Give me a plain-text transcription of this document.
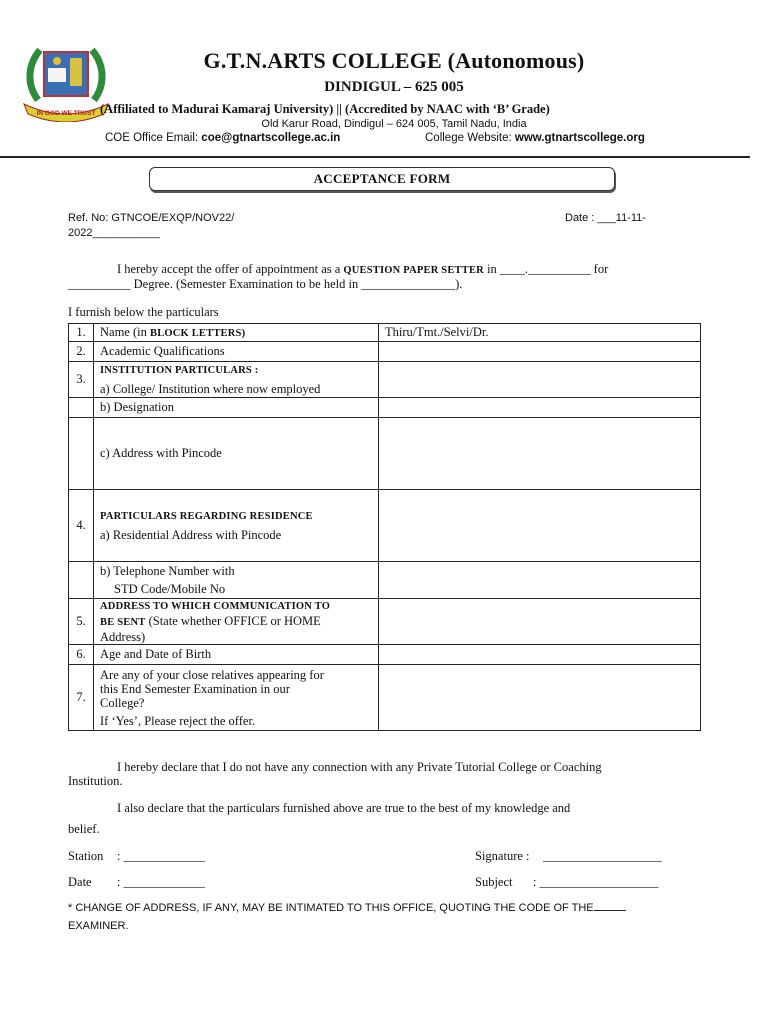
IN GOD WE TRUST
G.T.N.ARTS COLLEGE (Autonomous)
DINDIGUL – 625 005
(Affiliated to Madurai Kamaraj University) || (Accredited by NAAC with ‘B’ Grade)
Old Karur Road, Dindigul – 624 005, Tamil Nadu, India
COE Office Email: coe@gtnartscollege.ac.in	College Website: www.gtnartscollege.org
ACCEPTANCE FORM
Ref. No: GTNCOE/EXQP/NOV22/
2022___________
Date : ___11-11-
I hereby accept the offer of appointment as a QUESTION PAPER SETTER in ____.__________ for
__________ Degree. (Semester Examination to be held in _______________).
I furnish below the particulars
1.	Name (in BLOCK LETTERS)	Thiru/Tmt./Selvi/Dr.
2.	Academic Qualifications	
3.	INSTITUTION PARTICULARS :
a) College/ Institution where now employed	

	b) Designation	
	c) Address with Pincode	
4.	PARTICULARS REGARDING RESIDENCE
a) Residential Address with Pincode	

	b) Telephone Number with
STD Code/Mobile No	

5.	ADDRESS TO WHICH COMMUNICATION TO
BE SENT (State whether OFFICE or HOME
Address)	

6.	Age and Date of Birth	
7.	Are any of your close relatives appearing for
this End Semester Examination in our
College?
If ‘Yes’, Please reject the offer.	

I hereby declare that I do not have any connection with any Private Tutorial College or Coaching
Institution.
I also declare that the particulars furnished above are true to the best of my knowledge and
belief.
Station : _____________	Signature : ___________________
Date : _____________	Subject : ___________________
* CHANGE OF ADDRESS, IF ANY, MAY BE INTIMATED TO THIS OFFICE, QUOTING THE CODE OF THE
EXAMINER.
